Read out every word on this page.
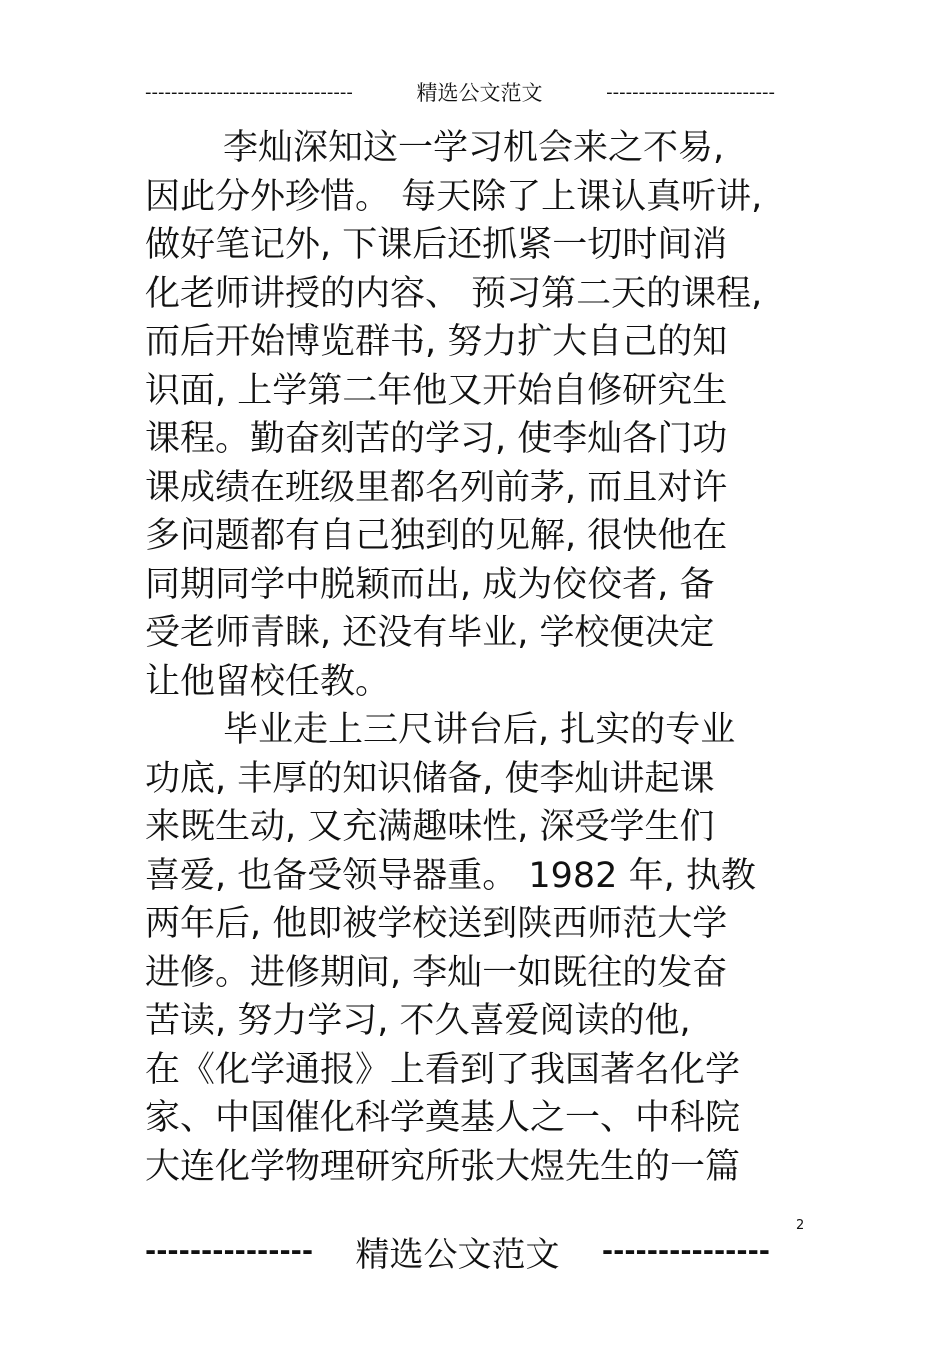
--------------------------------	精选公文范文	--------------------------
李灿深知这一学习机会来之不易,
因此分外珍惜。 每天除了上课认真听讲,
做好笔记外, 下课后还抓紧一切时间消
化老师讲授的内容、 预习第二天的课程,
而后开始博览群书, 努力扩大自己的知
识面, 上学第二年他又开始自修研究生
课程。勤奋刻苦的学习, 使李灿各门功
课成绩在班级里都名列前茅, 而且对许
多问题都有自己独到的见解, 很快他在
同期同学中脱颖而出, 成为佼佼者, 备
受老师青睐, 还没有毕业, 学校便决定
让他留校任教。
毕业走上三尺讲台后, 扎实的专业
功底, 丰厚的知识储备, 使李灿讲起课
来既生动, 又充满趣味性, 深受学生们
喜爱, 也备受领导器重。 1982 年, 执教
两年后, 他即被学校送到陕西师范大学
进修。进修期间, 李灿一如既往的发奋
苦读, 努力学习, 不久喜爱阅读的他,
在《化学通报》上看到了我国著名化学
家、中国催化科学奠基人之一、中科院
大连化学物理研究所张大煜先生的一篇
2
--------------- 精选公文范文 ---------------
